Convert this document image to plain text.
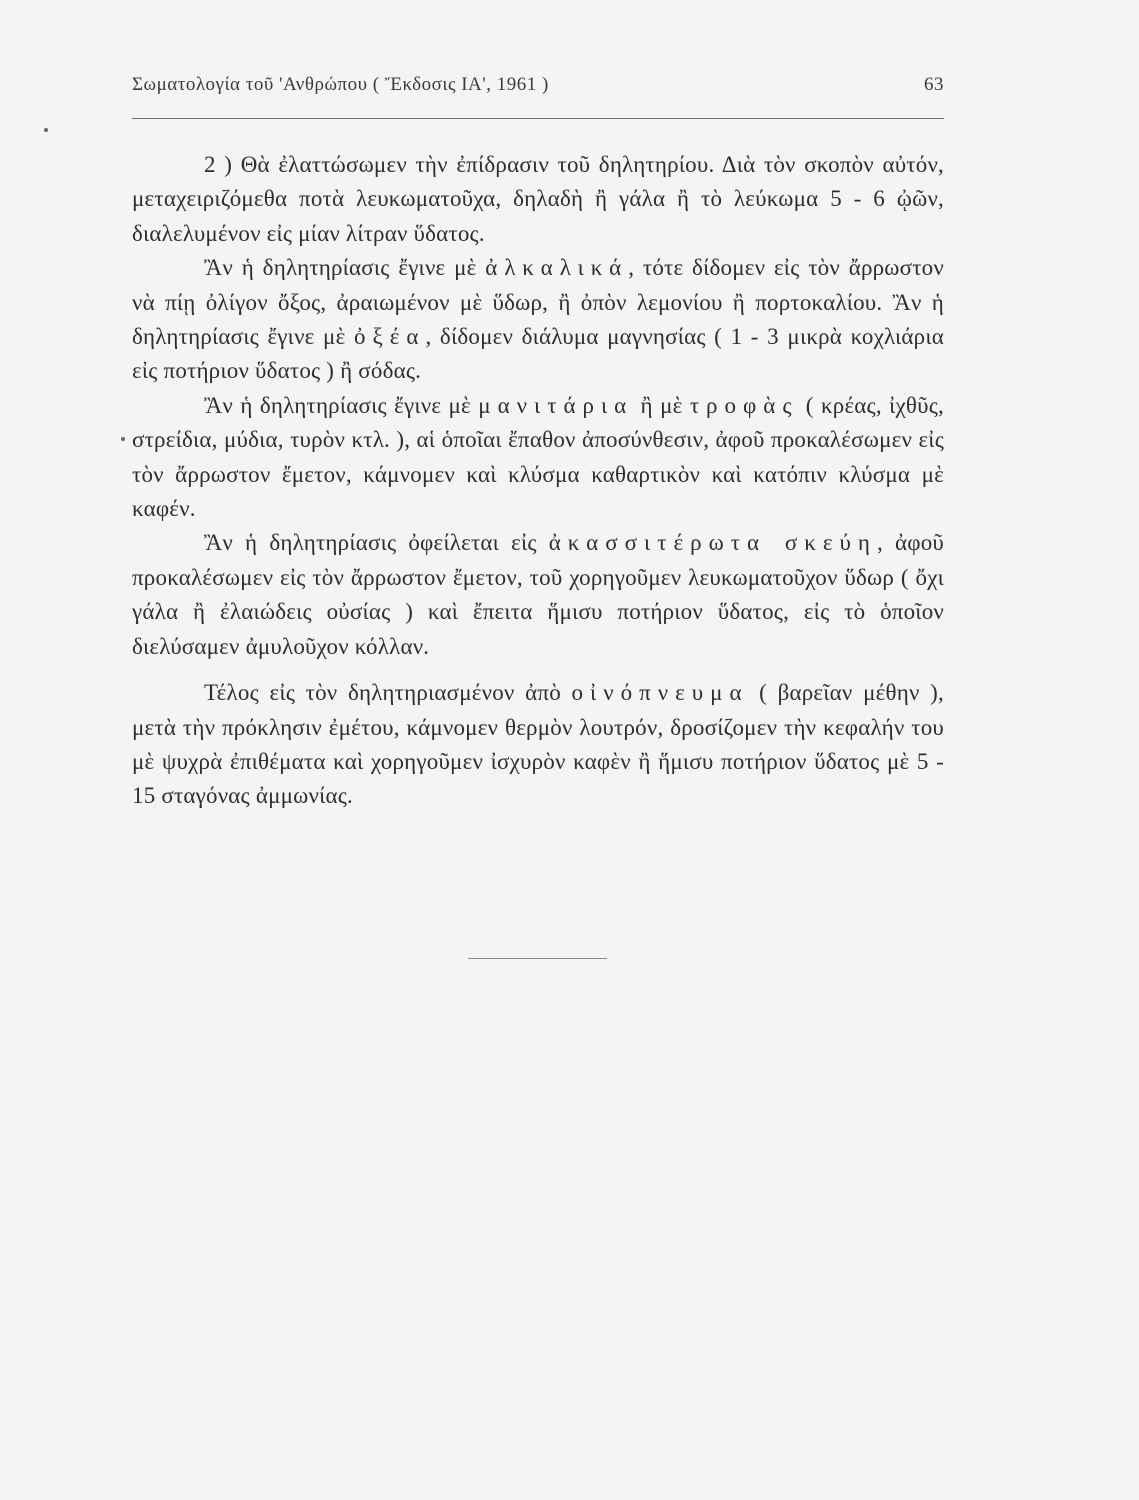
Σωματολογία τοῦ 'Ανθρώπου ( Ἔκδοσις ΙΑ', 1961 )	63

2 ) Θὰ ἐλαττώσωμεν τὴν ἐπίδρασιν τοῦ δηλητηρίου. Διὰ τὸν σκοπὸν αὐτόν, μεταχειριζόμεθα ποτὰ λευκωματοῦχα, δηλαδὴ ἢ γάλα ἢ τὸ λεύκωμα 5 - 6 ᾠῶν, διαλελυμένον εἰς μίαν λίτραν ὕδατος.

Ἂν ἡ δηλητηρίασις ἔγινε μὲ ἀλκαλικά, τότε δίδομεν εἰς τὸν ἄρρωστον νὰ πίῃ ὀλίγον ὄξος, ἀραιωμένον μὲ ὕδωρ, ἢ ὀπὸν λεμονίου ἢ πορτοκαλίου. Ἂν ἡ δηλητηρίασις ἔγινε μὲ ὀξέα, δίδομεν διάλυμα μαγνησίας ( 1 - 3 μικρὰ κοχλιάρια εἰς ποτήριον ὕδατος ) ἢ σόδας.

Ἂν ἡ δηλητηρίασις ἔγινε μὲ μανιτάρια ἢ μὲ τροφὰς ( κρέας, ἰχθῦς, στρείδια, μύδια, τυρὸν κτλ. ), αἱ ὁποῖαι ἔπαθον ἀποσύνθεσιν, ἀφοῦ προκαλέσωμεν εἰς τὸν ἄρρωστον ἔμετον, κάμνομεν καὶ κλύσμα καθαρτικὸν καὶ κατόπιν κλύσμα μὲ καφέν.

Ἂν ἡ δηλητηρίασις ὀφείλεται εἰς ἀκασσιτέρωτα σκεύη, ἀφοῦ προκαλέσωμεν εἰς τὸν ἄρρωστον ἔμετον, τοῦ χορηγοῦμεν λευκωματοῦχον ὕδωρ ( ὄχι γάλα ἢ ἐλαιώδεις οὐσίας ) καὶ ἔπειτα ἥμισυ ποτήριον ὕδατος, εἰς τὸ ὁποῖον διελύσαμεν ἀμυλοῦχον κόλλαν.

Τέλος εἰς τὸν δηλητηριασμένον ἀπὸ οἰνόπνευμα ( βαρεῖαν μέθην ), μετὰ τὴν πρόκλησιν ἐμέτου, κάμνομεν θερμὸν λουτρόν, δροσίζομεν τὴν κεφαλήν του μὲ ψυχρὰ ἐπιθέματα καὶ χορηγοῦμεν ἰσχυρὸν καφὲν ἢ ἥμισυ ποτήριον ὕδατος μὲ 5 - 15 σταγόνας ἀμμωνίας.
